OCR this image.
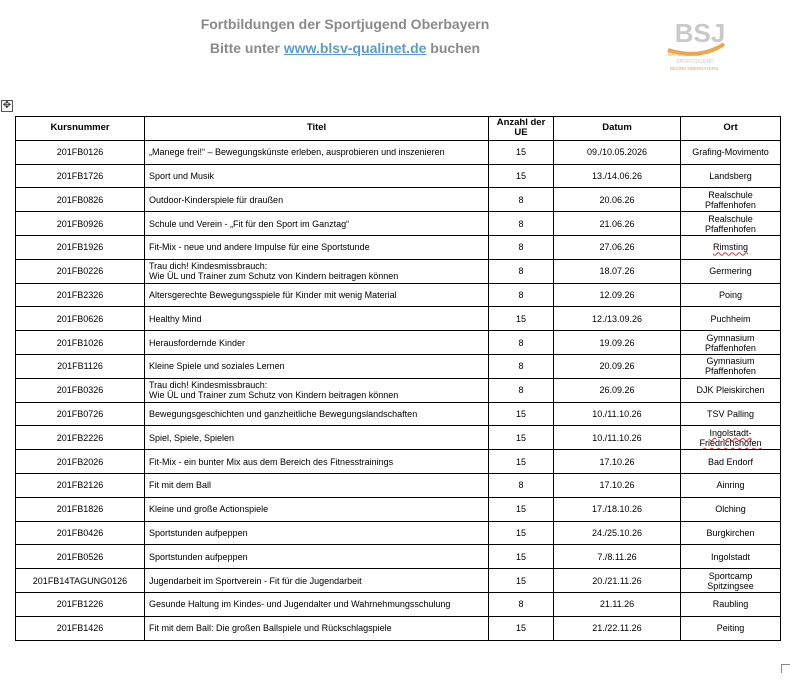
Fortbildungen der Sportjugend Oberbayern
Bitte unter www.blsv-qualinet.de buchen	BSJ
BAYERISCHE
SPORTJUGEND
BEZIRK OBERBAYERN
✥
Kursnummer	Titel	Anzahl der UE	Datum	Ort
201FB0126	„Manege frei!“ – Bewegungskünste erleben, ausprobieren und inszenieren	15	09./10.05.2026	Grafing-Movimento
201FB1726	Sport und Musik	15	13./14.06.26	Landsberg
201FB0826	Outdoor-Kinderspiele für draußen	8	20.06.26	Realschule Pfaffenhofen
201FB0926	Schule und Verein - „Fit für den Sport im Ganztag“	8	21.06.26	Realschule Pfaffenhofen
201FB1926	Fit-Mix - neue und andere Impulse für eine Sportstunde	8	27.06.26	Rimsting
201FB0226	Trau dich! Kindesmissbrauch:
Wie ÜL und Trainer zum Schutz von Kindern beitragen können	8	18.07.26	Germering
201FB2326	Altersgerechte Bewegungsspiele für Kinder mit wenig Material	8	12.09.26	Poing
201FB0626	Healthy Mind	15	12./13.09.26	Puchheim
201FB1026	Herausfordernde Kinder	8	19.09.26	Gymnasium Pfaffenhofen
201FB1126	Kleine Spiele und soziales Lernen	8	20.09.26	Gymnasium Pfaffenhofen
201FB0326	Trau dich! Kindesmissbrauch:
Wie ÜL und Trainer zum Schutz von Kindern beitragen können	8	26.09.26	DJK Pleiskirchen
201FB0726	Bewegungsgeschichten und ganzheitliche Bewegungslandschaften	15	10./11.10.26	TSV Palling
201FB2226	Spiel, Spiele, Spielen	15	10./11.10.26	Ingolstadt-Friedrichshofen
201FB2026	Fit-Mix - ein bunter Mix aus dem Bereich des Fitnesstrainings	15	17.10.26	Bad Endorf
201FB2126	Fit mit dem Ball	8	17.10.26	Ainring
201FB1826	Kleine und große Actionspiele	15	17./18.10.26	Olching
201FB0426	Sportstunden aufpeppen	15	24./25.10.26	Burgkirchen
201FB0526	Sportstunden aufpeppen	15	7./8.11.26	Ingolstadt
201FB14TAGUNG0126	Jugendarbeit im Sportverein - Fit für die Jugendarbeit	15	20./21.11.26	Sportcamp Spitzingsee
201FB1226	Gesunde Haltung im Kindes- und Jugendalter und Wahrnehmungsschulung	8	21.11.26	Raubling
201FB1426	Fit mit dem Ball: Die großen Ballspiele und Rückschlagspiele	15	21./22.11.26	Peiting
